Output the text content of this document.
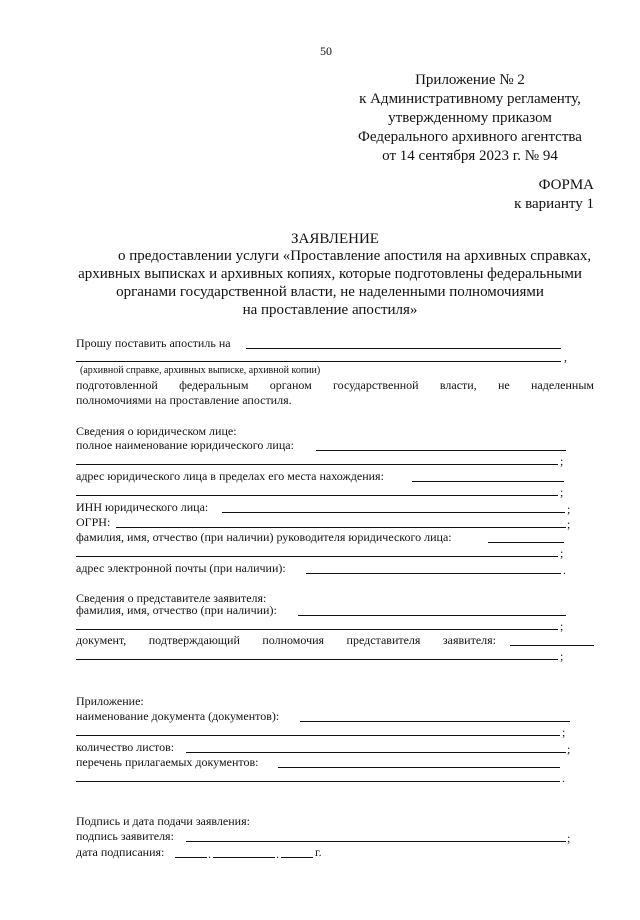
50
Приложение № 2
к Административному регламенту,
утвержденному приказом
Федерального архивного агентства
от 14 сентября 2023 г. № 94
ФОРМА
к варианту 1
ЗАЯВЛЕНИЕ
о предоставлении услуги «Проставление апостиля на архивных справках,
архивных выписках и архивных копиях, которые подготовлены федеральными
органами государственной власти, не наделенными полномочиями
на проставление апостиля»
Прошу поставить апостиль на
,
(архивной справке, архивных выписке, архивной копии)
подготовленной федеральным органом государственной власти, не наделенным
полномочиями на проставление апостиля.
Сведения о юридическом лице:
полное наименование юридического лица:
;
адрес юридического лица в пределах его места нахождения:
;
ИНН юридического лица:	;
ОГРН:	;
фамилия, имя, отчество (при наличии) руководителя юридического лица:
;
адрес электронной почты (при наличии):	.
Сведения о представителе заявителя:
фамилия, имя, отчество (при наличии):
;
документ, подтверждающий полномочия представителя заявителя:
;
Приложение:
наименование документа (документов):
;
количество листов:	;
перечень прилагаемых документов:
.
Подпись и дата подачи заявления:
подпись заявителя:	;
дата подписания:	.	.	г.
